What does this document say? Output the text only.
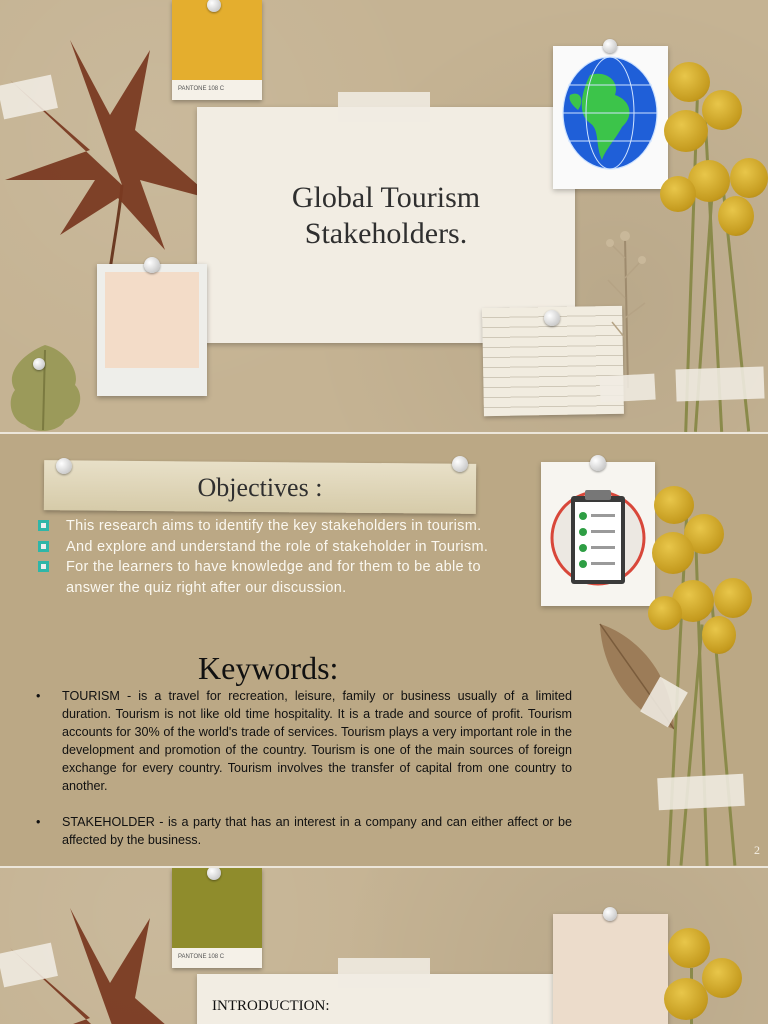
PANTONE 108 C
Global Tourism
Stakeholders.
Objectives :
This research aims to identify the key stakeholders in tourism.
And explore and understand the role of stakeholder in Tourism.
For the learners to have knowledge and for them to be able to answer the quiz right after our discussion.
Keywords:
• TOURISM - is a travel for recreation, leisure, family or business usually of a limited duration. Tourism is not like old time hospitality. It is a trade and source of profit. Tourism accounts for 30% of the world's trade of services. Tourism plays a very important role in the development and promotion of the country. Tourism is one of the main sources of foreign exchange for every country. Tourism involves the transfer of capital from one country to another.
• STAKEHOLDER - is a party that has an interest in a company and can either affect or be affected by the business.
2
PANTONE 108 C
INTRODUCTION:
